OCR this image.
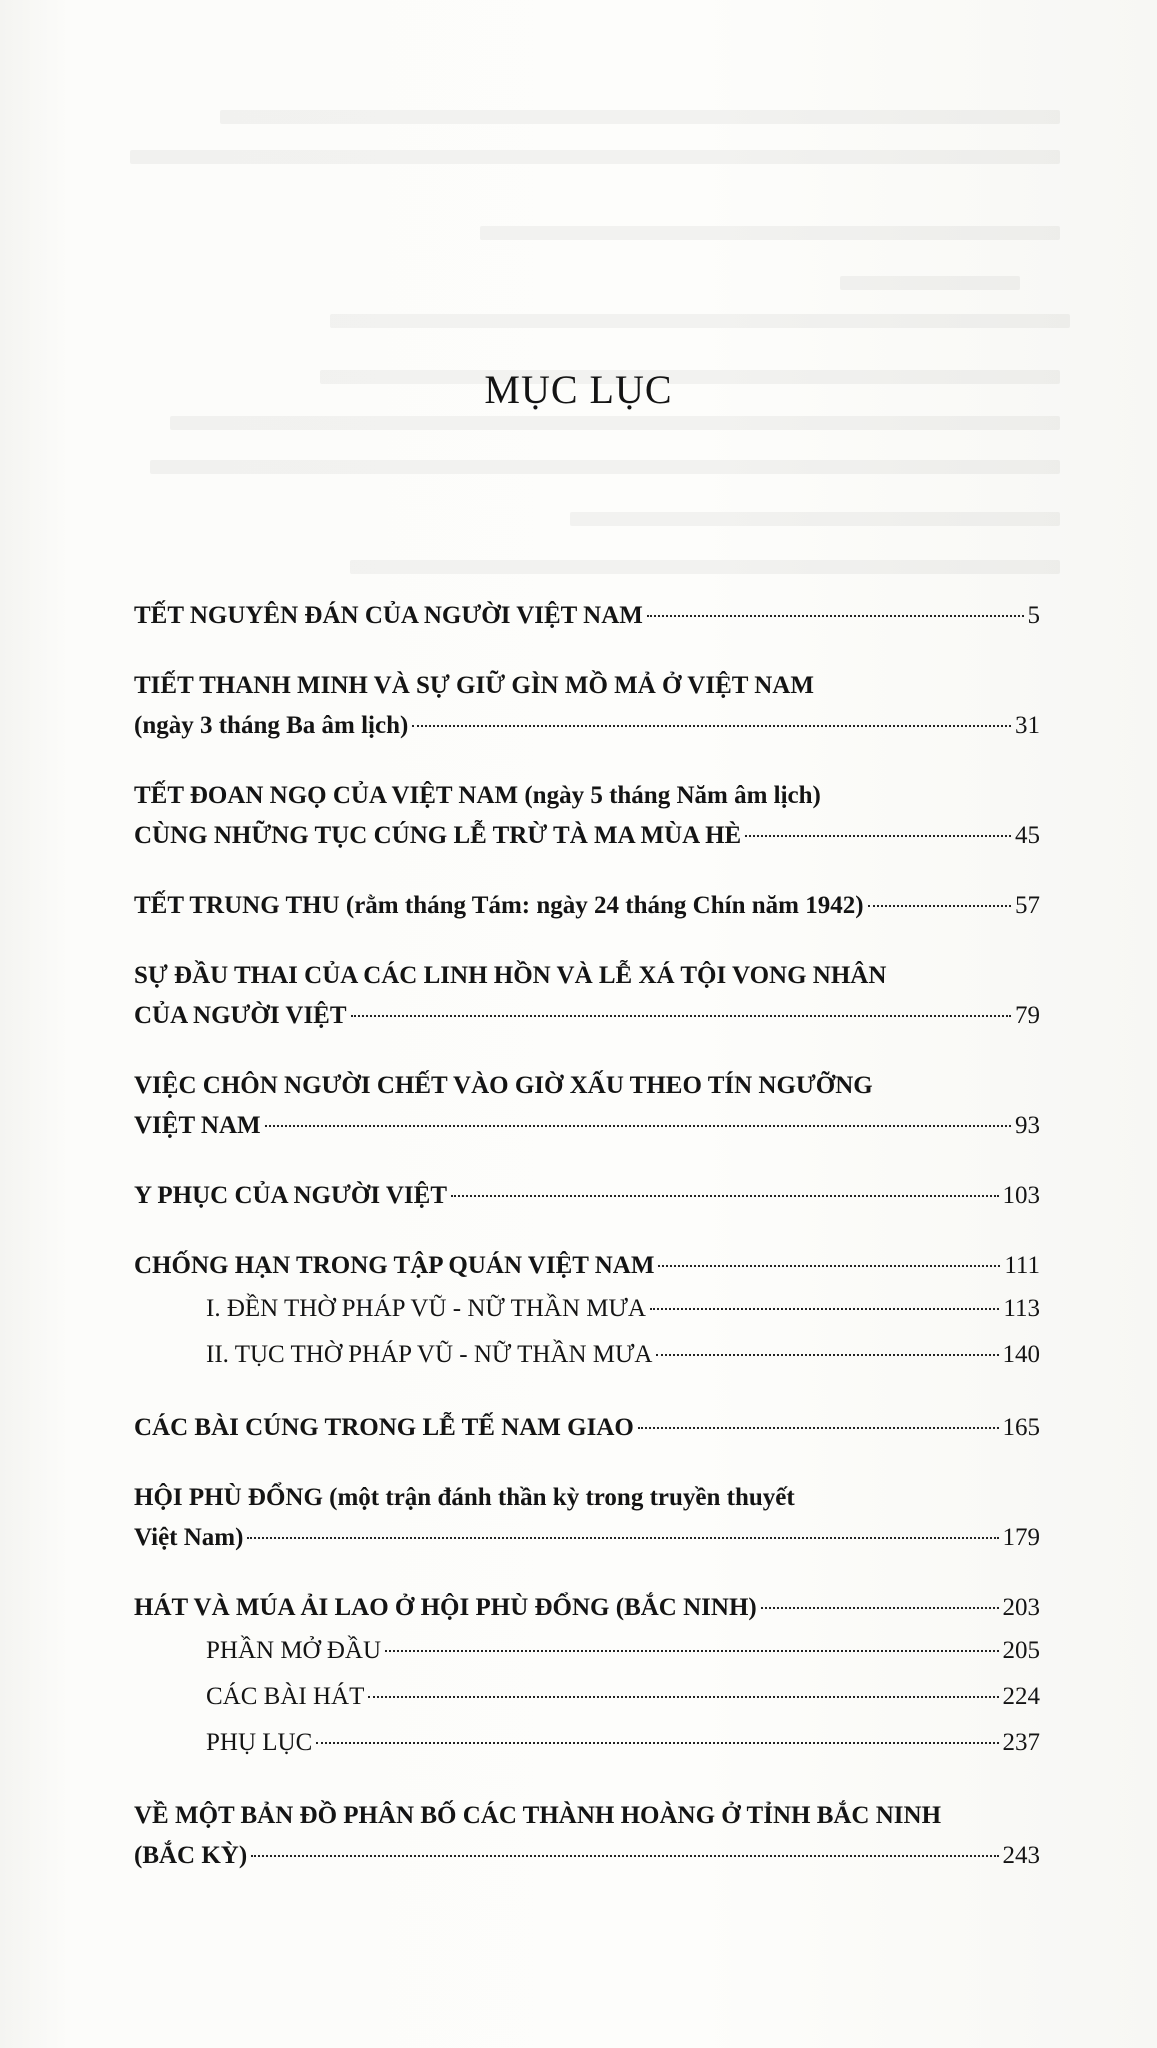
MỤC LỤC
TẾT NGUYÊN ĐÁN CỦA NGƯỜI VIỆT NAM	5
TIẾT THANH MINH VÀ SỰ GIỮ GÌN MỒ MẢ Ở VIỆT NAM
(ngày 3 tháng Ba âm lịch)	31
TẾT ĐOAN NGỌ CỦA VIỆT NAM (ngày 5 tháng Năm âm lịch)
CÙNG NHỮNG TỤC CÚNG LỄ TRỪ TÀ MA MÙA HÈ	45
TẾT TRUNG THU (rằm tháng Tám: ngày 24 tháng Chín năm 1942)	57
SỰ ĐẦU THAI CỦA CÁC LINH HỒN VÀ LỄ XÁ TỘI VONG NHÂN
CỦA NGƯỜI VIỆT	79
VIỆC CHÔN NGƯỜI CHẾT VÀO GIỜ XẤU THEO TÍN NGƯỠNG
VIỆT NAM	93
Y PHỤC CỦA NGƯỜI VIỆT	103
CHỐNG HẠN TRONG TẬP QUÁN VIỆT NAM	111
I. ĐỀN THỜ PHÁP VŨ - NỮ THẦN MƯA	113
II. TỤC THỜ PHÁP VŨ - NỮ THẦN MƯA	140
CÁC BÀI CÚNG TRONG LỄ TẾ NAM GIAO	165
HỘI PHÙ ĐỔNG (một trận đánh thần kỳ trong truyền thuyết
Việt Nam)	179
HÁT VÀ MÚA ẢI LAO Ở HỘI PHÙ ĐỔNG (BẮC NINH)	203
PHẦN MỞ ĐẦU	205
CÁC BÀI HÁT	224
PHỤ LỤC	237
VỀ MỘT BẢN ĐỒ PHÂN BỐ CÁC THÀNH HOÀNG Ở TỈNH BẮC NINH
(BẮC KỲ)	243
